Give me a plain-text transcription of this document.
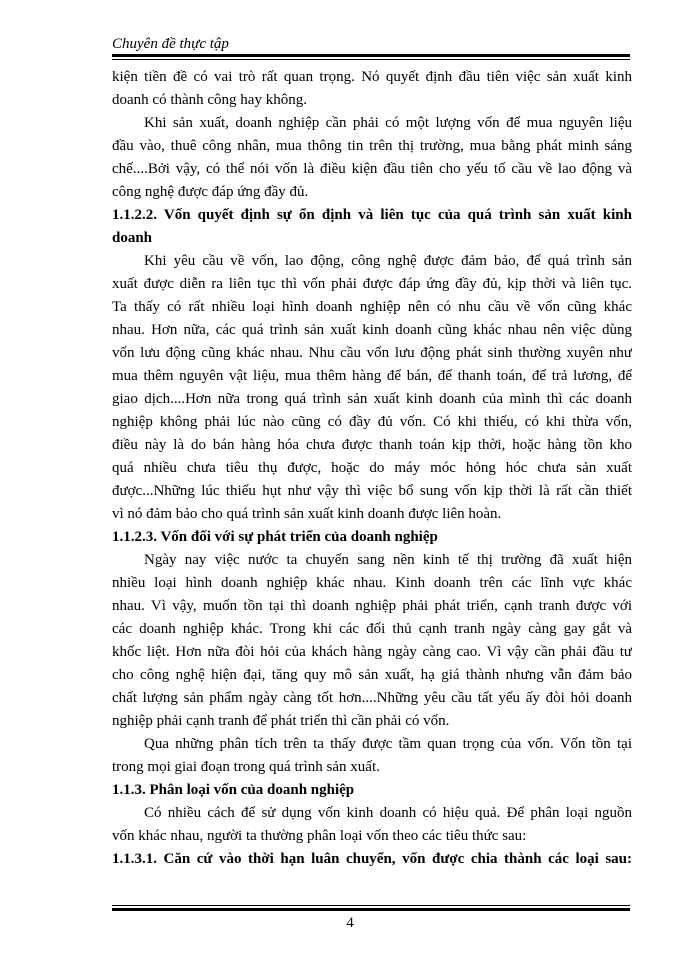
Chuyên đề thực tập
kiện tiền đề có vai trò rất quan trọng. Nó quyết định đầu tiên việc sản xuất kinh
doanh có thành công hay không.
Khi sản xuất, doanh nghiệp cần phải có một lượng vốn để mua nguyên liệu
đầu vào, thuê công nhân, mua thông tin trên thị trường, mua bằng phát minh sáng
chế....Bởi vậy, có thể nói vốn là điều kiện đầu tiên cho yếu tố cầu về lao động và
công nghệ được đáp ứng đầy đủ.
1.1.2.2. Vốn quyết định sự ổn định và liên tục của quá trình sản xuất kinh
doanh
Khi yêu cầu về vốn, lao động, công nghệ được đảm bảo, để quá trình sản
xuất được diễn ra liên tục thì vốn phải được đáp ứng đầy đủ, kịp thời và liên tục.
Ta thấy có rất nhiều loại hình doanh nghiệp nên có nhu cầu về vốn cũng khác
nhau. Hơn nữa, các quá trình sản xuất kinh doanh cũng khác nhau nên việc dùng
vốn lưu động cũng khác nhau. Nhu cầu vốn lưu động phát sinh thường xuyên như
mua thêm nguyên vật liệu, mua thêm hàng để bán, để thanh toán, để trả lương, để
giao dịch....Hơn nữa trong quá trình sản xuất kinh doanh của mình thì các doanh
nghiệp không phải lúc nào cũng có đầy đủ vốn. Có khi thiếu, có khi thừa vốn,
điều này là do bán hàng hóa chưa được thanh toán kịp thời, hoặc hàng tồn kho
quá nhiều chưa tiêu thụ được, hoặc do máy móc hỏng hóc chưa sản xuất
được...Những lúc thiếu hụt như vậy thì việc bổ sung vốn kịp thời là rất cần thiết
vì nó đảm bảo cho quá trình sản xuất kinh doanh được liên hoàn.
1.1.2.3. Vốn đối với sự phát triển của doanh nghiệp
Ngày nay việc nước ta chuyển sang nền kinh tế thị trường đã xuất hiện
nhiều loại hình doanh nghiệp khác nhau. Kinh doanh trên các lĩnh vực khác
nhau. Vì vậy, muốn tồn tại thì doanh nghiệp phải phát triển, cạnh tranh được với
các doanh nghiệp khác. Trong khi các đối thủ cạnh tranh ngày càng gay gắt và
khốc liệt. Hơn nữa đòi hỏi của khách hàng ngày càng cao. Vì vậy cần phải đầu tư
cho công nghệ hiện đại, tăng quy mô sản xuất, hạ giá thành nhưng vẫn đảm bảo
chất lượng sản phẩm ngày càng tốt hơn....Những yêu cầu tất yếu ấy đòi hỏi doanh
nghiệp phải cạnh tranh để phát triển thì cần phải có vốn.
Qua những phân tích trên ta thấy được tầm quan trọng của vốn. Vốn tồn tại
trong mọi giai đoạn trong quá trình sản xuất.
1.1.3. Phân loại vốn của doanh nghiệp
Có nhiều cách để sử dụng vốn kinh doanh có hiệu quả. Để phân loại nguồn
vốn khác nhau, người ta thường phân loại vốn theo các tiêu thức sau:
1.1.3.1. Căn cứ vào thời hạn luân chuyển, vốn được chia thành các loại sau:
4
